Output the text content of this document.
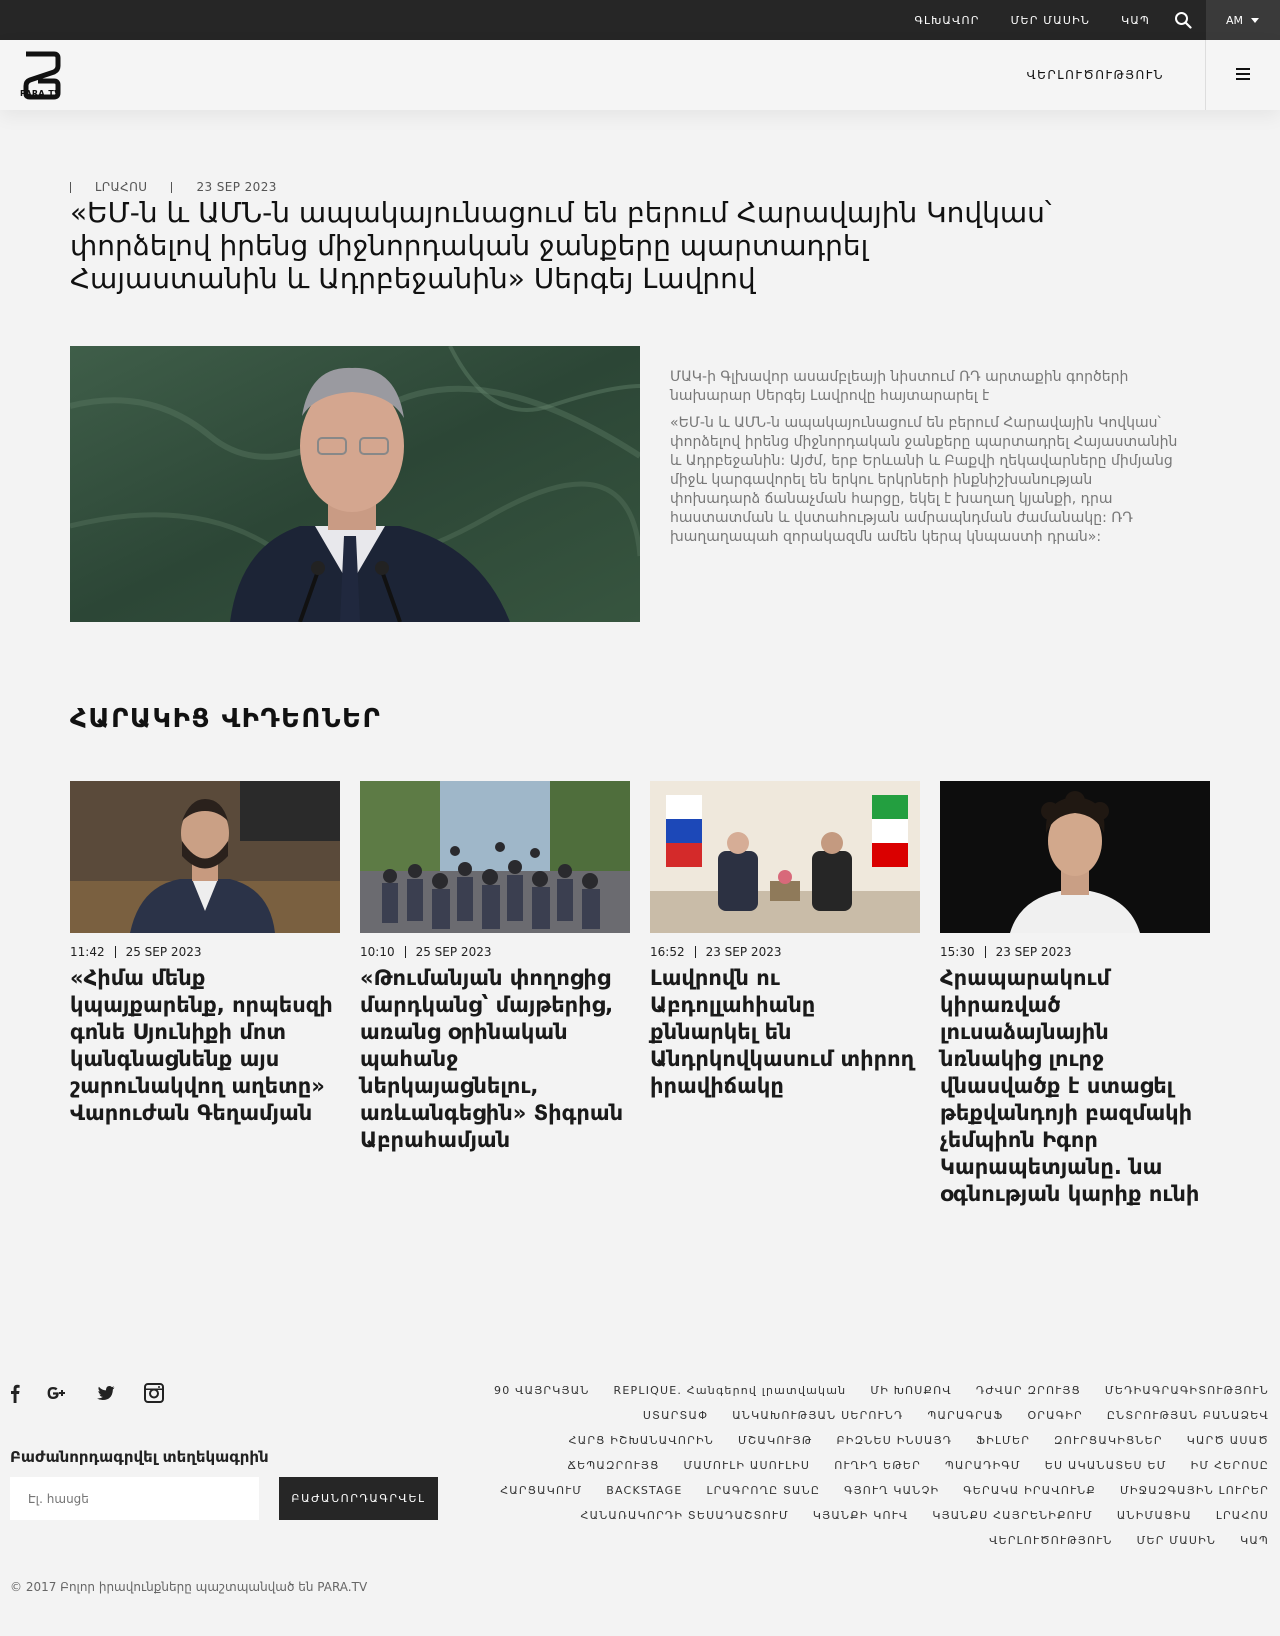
ԳԼԽԱՎՈՐ	ՄԵՐ ՄԱՍԻՆ	ԿԱՊ	AM
PARA.TV
ՎԵՐԼՈՒԾՈՒԹՅՈՒՆ
ԼՐԱՀՈՍ	23 SEP 2023
«ԵՄ-ն և ԱՄՆ-ն ապակայունացում են բերում Հարավային Կովկաս՝ փորձելով իրենց միջնորդական ջանքերը պարտադրել Հայաստանին և Ադրբեջանին» Սերգեյ Լավրով

ՄԱԿ-ի Գլխավոր ասամբլեայի նիստում ՌԴ արտաքին գործերի նախարար Սերգեյ Լավրովը հայտարարել է

«ԵՄ-ն և ԱՄՆ-ն ապակայունացում են բերում Հարավային Կովկաս՝ փորձելով իրենց միջնորդական ջանքերը պարտադրել Հայաստանին և Ադրբեջանին: Այժմ, երբ Երևանի և Բաքվի ղեկավարները միմյանց միջև կարգավորել են երկու երկրների ինքնիշխանության փոխադարձ ճանաչման հարցը, եկել է խաղաղ կյանքի, դրա հաստատման և վստահության ամրապնդման ժամանակը: ՌԴ խաղաղապահ զորակազմն ամեն կերպ կնպաստի դրան»:

ՀԱՐԱԿԻՑ ՎԻԴԵՈՆԵՐ
11:42 25 SEP 2023
«Հիմա մենք կպայքարենք, որպեսզի գոնե Սյունիքի մոտ կանգնացնենք այս շարունակվող աղետը» Վարուժան Գեղամյան
10:10 25 SEP 2023
«Թումանյան փողոցից մարդկանց՝ մայթերից, առանց օրինական պահանջ ներկայացնելու, առևանգեցին» Տիգրան Աբրահամյան
16:52 23 SEP 2023
Լավրովն ու Աբդոլլահիանը քննարկել են Անդրկովկասում տիրող իրավիճակը
15:30 23 SEP 2023
Հրապարակում կիրառված լուսաձայնային նռնակից լուրջ վնասվածք է ստացել թեքվանդոյի բազմակի չեմպիոն Իգոր Կարապետյանը. նա օգնության կարիք ունի
Բաժանորդագրվել տեղեկագրին
Էլ․ հասցե
ԲԱԺԱՆՈՐԴԱԳՐՎԵԼ
90 ՎԱՅՐԿՅԱՆ REPLIQUE. Հանգերով լրատվական ՄԻ ԽՈՍՔՈՎ ԴԺՎԱՐ ԶՐՈՒՅՑ ՄԵԴԻԱԳՐԱԳԻՏՈՒԹՅՈՒՆ
ՍՏԱՐՏԱՓ ԱՆԿԱԽՈՒԹՅԱՆ ՍԵՐՈՒՆԴ ՊԱՐԱԳՐԱՖ ՕՐԱԳԻՐ ԸՆՏՐՈՒԹՅԱՆ ԲԱՆԱՁԵՎ
ՀԱՐՑ ԻՇԽԱՆԱՎՈՐԻՆ ՄՇԱԿՈՒՅԹ ԲԻԶՆԵՍ ԻՆՍԱՅԴ ՖԻԼՄԵՐ ԶՈՒՐՑԱԿԻՑՆԵՐ ԿԱՐԾ ԱՍԱԾ
ՃԵՊԱԶՐՈՒՅՑ ՄԱՄՈՒԼԻ ԱՍՈՒԼԻՍ ՈՒՂԻՂ ԵԹԵՐ ՊԱՐԱԴԻԳՄ ԵՍ ԱԿԱՆԱՏԵՍ ԵՄ ԻՄ ՀԵՐՈՍԸ
ՀԱՐՑԱԿՈՒՄ BACKSTAGE ԼՐԱԳՐՈՂԸ ՏԱՆԸ ԳՅՈՒՂ ԿԱՆՉԻ ԳԵՐԱԿԱ ԻՐԱՎՈՒՆՔ ՄԻՋԱԶԳԱՅԻՆ ԼՈՒՐԵՐ
ՀԱՆԱՌԱԿՈՐԴԻ ՏԵՍԱԴԱՇՏՈՒՄ ԿՅԱՆՔԻ ԿՈՒՎ ԿՅԱՆՔՍ ՀԱՅՐԵՆԻՔՈՒՄ ԱՆԻՄԱՑԻԱ ԼՐԱՀՈՍ
ՎԵՐԼՈՒԾՈՒԹՅՈՒՆ ՄԵՐ ՄԱՍԻՆ ԿԱՊ
© 2017 Բոլոր իրավունքները պաշտպանված են PARA.TV
